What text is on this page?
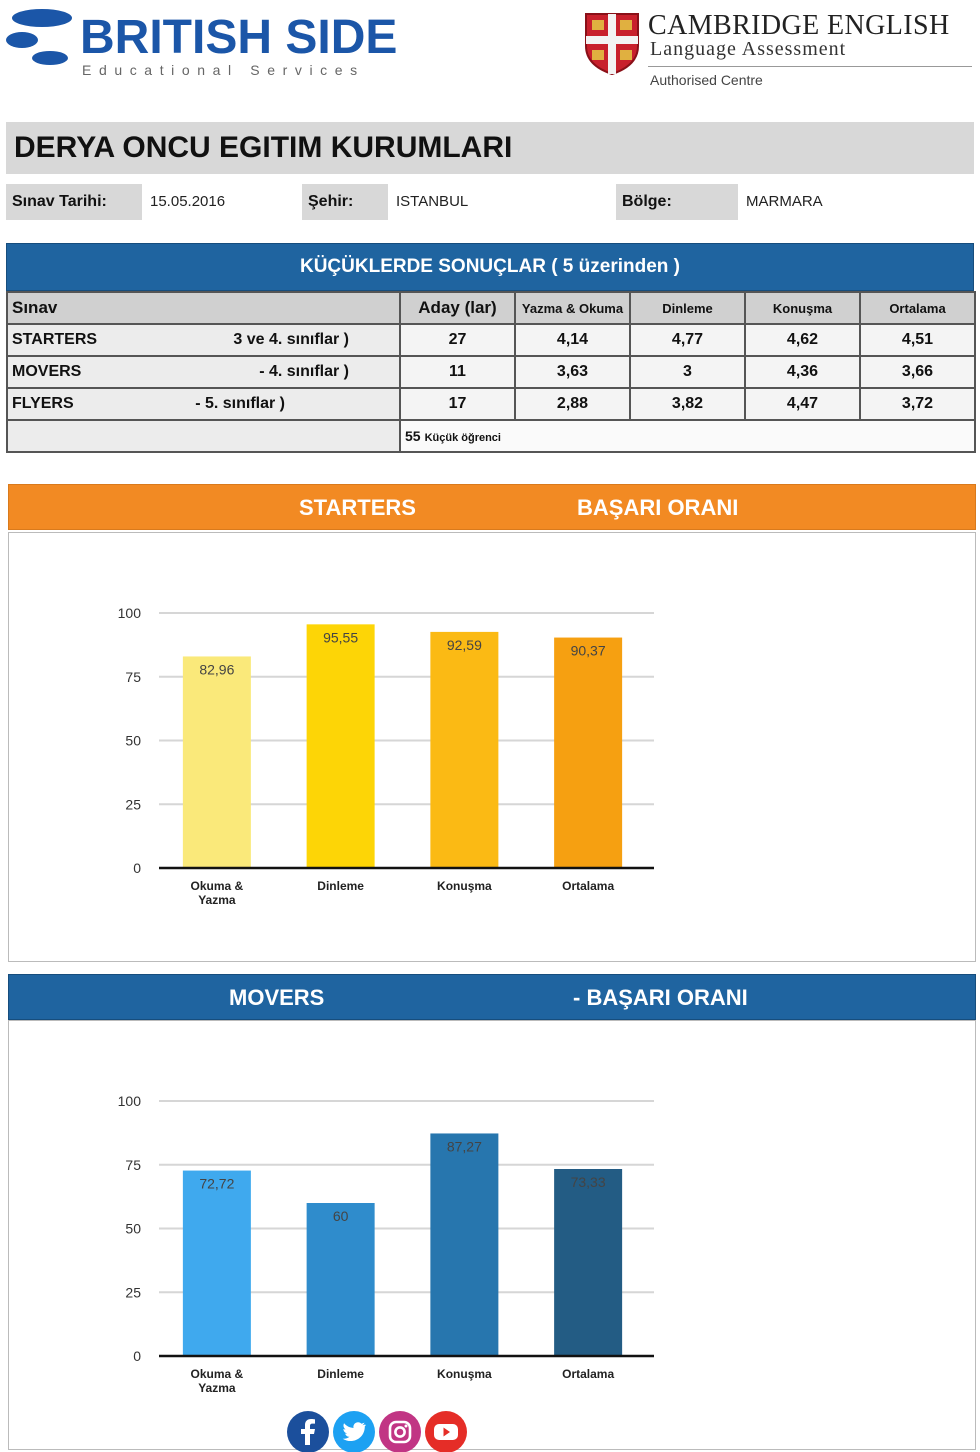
BRITISH SIDE
Educational Services
CAMBRIDGE ENGLISH
Language Assessment
Authorised Centre
DERYA ONCU EGITIM KURUMLARI
Sınav Tarihi:	15.05.2016	Şehir:	ISTANBUL	Bölge:	MARMARA
KÜÇÜKLERDE SONUÇLAR ( 5 üzerinden )
Sınav	Aday (lar)	Yazma & Okuma	Dinleme	Konuşma	Ortalama
STARTERS 3 ve 4. sınıflar )	27	4,14	4,77	4,62	4,51
MOVERS - 4. sınıflar )	11	3,63	3	4,36	3,66
FLYERS - 5. sınıflar )	17	2,88	3,82	4,47	3,72
	55 Küçük öğrenci				
STARTERS	BAŞARI ORANI
0
25
50
75
100
82,96
Okuma & Yazma
95,55
Dinleme
92,59
Konuşma
90,37
Ortalama
MOVERS	- BAŞARI ORANI
0
25
50
75
100
72,72
Okuma & Yazma
60
Dinleme
87,27
Konuşma
73,33
Ortalama
